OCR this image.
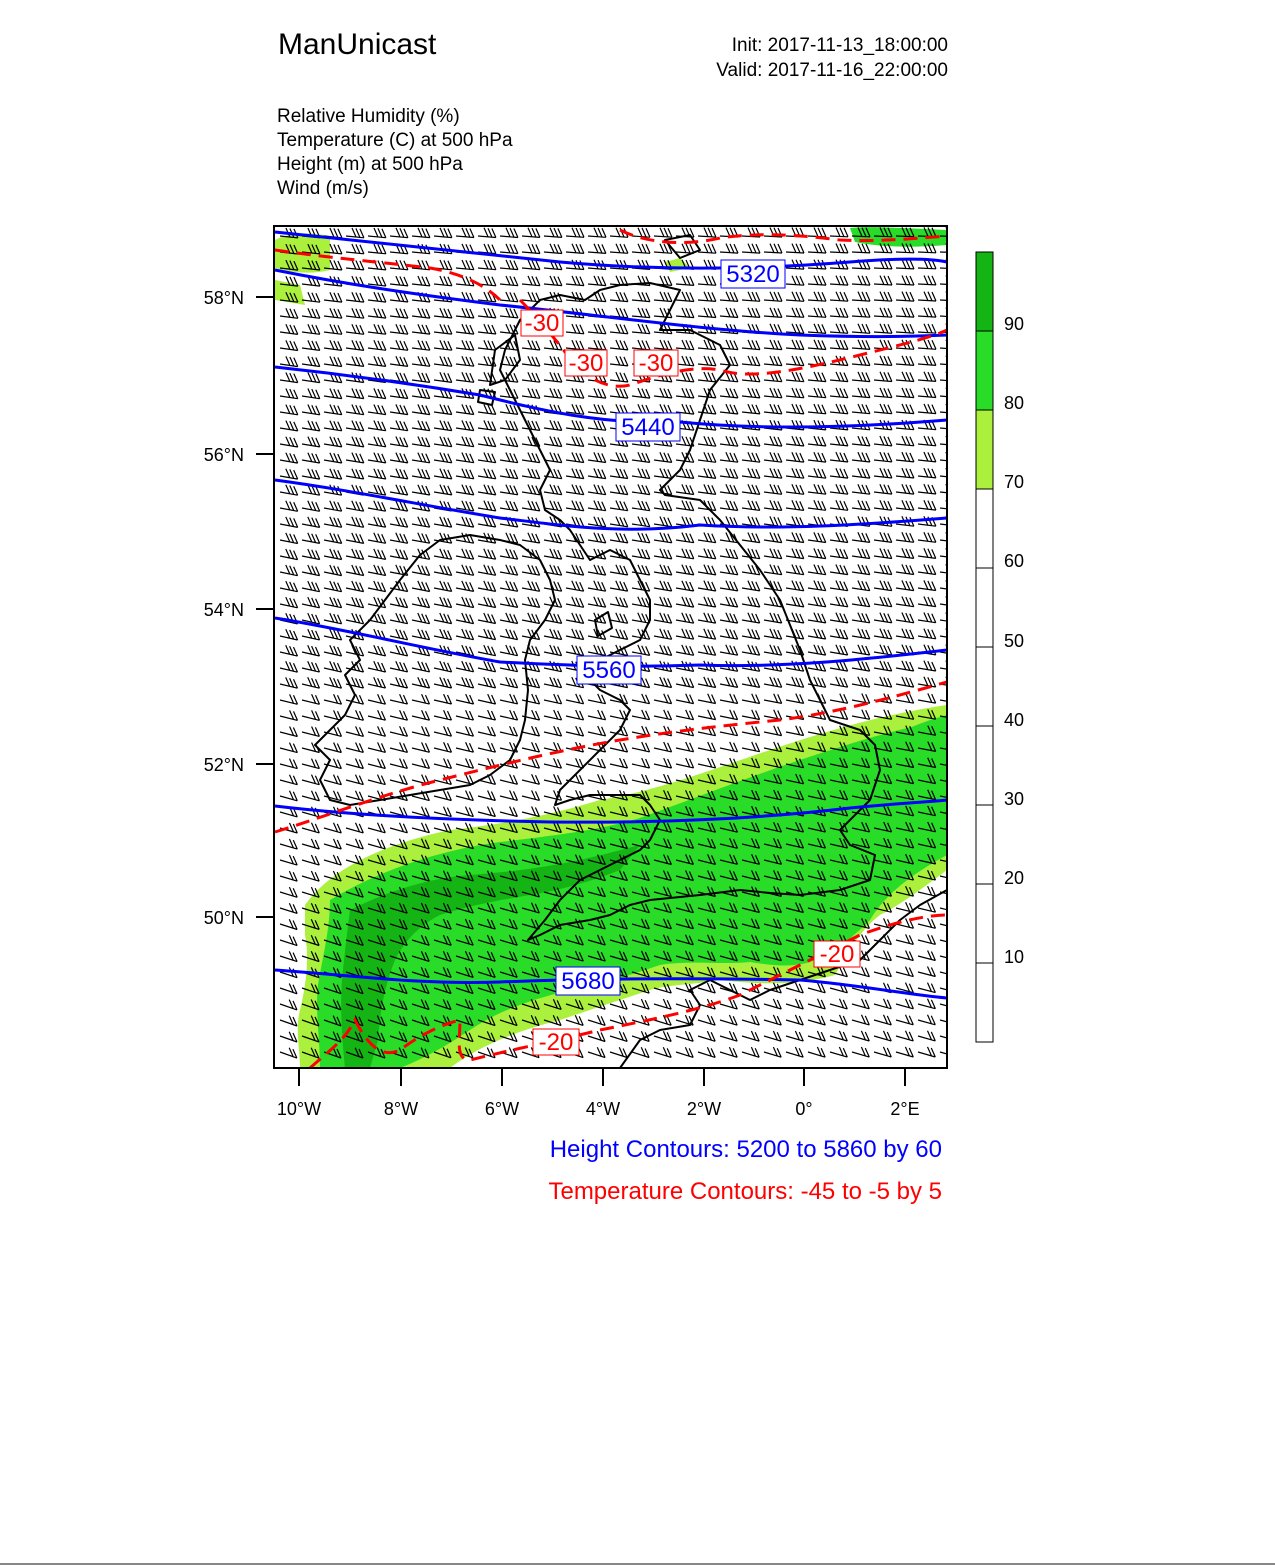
ManUnicast	Init: 2017-11-13_18:00:00
Valid: 2017-11-16_22:00:00
Relative Humidity (%)
Temperature (C) at 500 hPa
Height (m) at 500 hPa
Wind (m/s)
5320
5440
5560
5680
-30
-30 -30
-20
-20
58°N
56°N
54°N
52°N
50°N
10°W	8°W	6°W	4°W	2°W	0°	2°E
90
80
70
60
50
40
30
20
10
Height Contours: 5200 to 5860 by 60
Temperature Contours: -45 to -5 by 5
